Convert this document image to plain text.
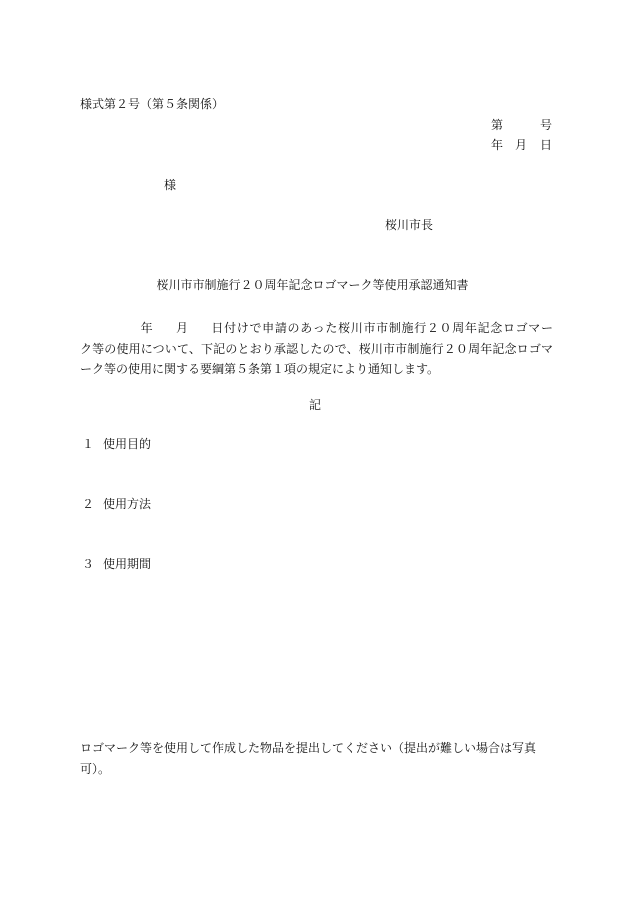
様式第２号（第５条関係）
第	号
年 月 日
様
桜川市長
桜川市市制施行２０周年記念ロゴマーク等使用承認通知書
年 月 日付けで申請のあった桜川市市制施行２０周年記念ロゴマー
ク等の使用について、下記のとおり承認したので、桜川市市制施行２０周年記念ロゴマ
ーク等の使用に関する要綱第５条第１項の規定により通知します。
記
１ 使用目的
２ 使用方法
３ 使用期間
ロゴマーク等を使用して作成した物品を提出してください（提出が難しい場合は写真
可）。
